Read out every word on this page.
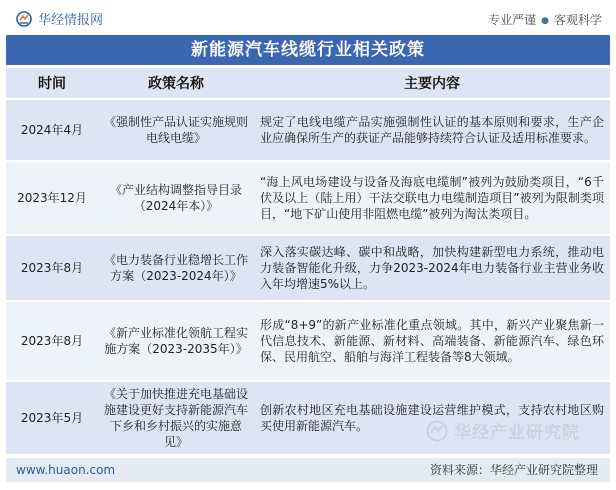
华经情报网	专业严谨 ● 客观科学
新能源汽车线缆行业相关政策
时间	政策名称	主要内容
2024年4月	《强制性产品认证实施规则电线电缆》	规定了电线电缆产品实施强制性认证的基本原则和要求，生产企业应确保所生产的获证产品能够持续符合认证及适用标准要求。
2023年12月	《产业结构调整指导目录（2024年本）》	“海上风电场建设与设备及海底电缆制”被列为鼓励类项目，“6千伏及以上（陆上用）干法交联电力电缆制造项目”被列为限制类项目，“地下矿山使用非阻燃电缆”被列为淘汰类项目。
2023年8月	《电力装备行业稳增长工作方案（2023-2024年）》	深入落实碳达峰、碳中和战略，加快构建新型电力系统，推动电力装备智能化升级，力争2023-2024年电力装备行业主营业务收入年均增速5%以上。
2023年8月	《新产业标准化领航工程实施方案（2023-2035年）》	形成“8+9”的新产业标准化重点领域。其中，新兴产业聚焦新一代信息技术、新能源、新材料、高端装备、新能源汽车、绿色环保、民用航空、船舶与海洋工程装备等8大领域。
2023年5月	《关于加快推进充电基础设施建设更好支持新能源汽车下乡和乡村振兴的实施意见》	创新农村地区充电基础设施建设运营维护模式，支持农村地区购买使用新能源汽车。	华经产业研究院
www.huaon.com	资料来源：华经产业研究院整理
